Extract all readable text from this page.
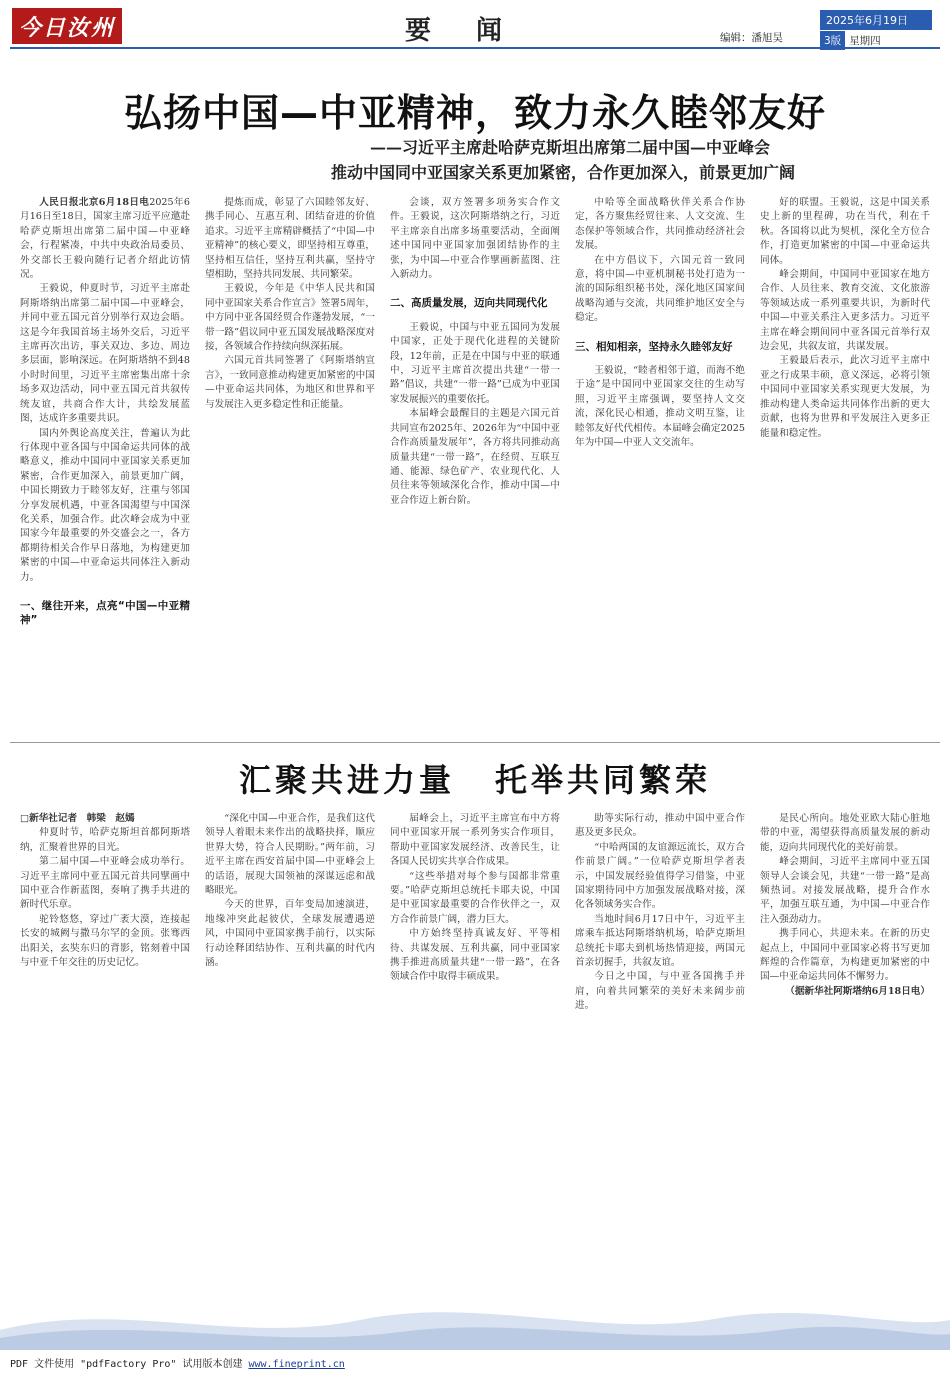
今日汝州	要 闻	2025年6月19日
3版 星期四
编辑：潘旭昊
弘扬中国—中亚精神，致力永久睦邻友好
——习近平主席赴哈萨克斯坦出席第二届中国—中亚峰会
推动中国同中亚国家关系更加紧密，合作更加深入，前景更加广阔

人民日报北京6月18日电2025年6月16日至18日，国家主席习近平应邀赴哈萨克斯坦出席第二届中国—中亚峰会，行程紧凑，中共中央政治局委员、外交部长王毅向随行记者介绍此访情况。

王毅说，仲夏时节，习近平主席赴阿斯塔纳出席第二届中国—中亚峰会，并同中亚五国元首分别举行双边会晤。这是今年我国首场主场外交后，习近平主席再次出访，事关双边、多边、周边多层面，影响深远。在阿斯塔纳不到48小时时间里，习近平主席密集出席十余场多双边活动，同中亚五国元首共叙传统友谊，共商合作大计，共绘发展蓝图，达成许多重要共识。

国内外舆论高度关注，普遍认为此行体现中亚各国与中国命运共同体的战略意义，推动中国同中亚国家关系更加紧密，合作更加深入，前景更加广阔，中国长期致力于睦邻友好，注重与邻国分享发展机遇，中亚各国渴望与中国深化关系，加强合作。此次峰会成为中亚国家今年最重要的外交盛会之一，各方都期待相关合作早日落地，为构建更加紧密的中国—中亚命运共同体注入新动力。

一、继往开来，点亮“中国—中亚精神”

提炼而成，彰显了六国睦邻友好、携手同心、互惠互利、团结奋进的价值追求。习近平主席精辟概括了“中国—中亚精神”的核心要义，即坚持相互尊重，坚持相互信任，坚持互利共赢，坚持守望相助，坚持共同发展、共同繁荣。

王毅说，今年是《中华人民共和国同中亚国家关系合作宣言》签署5周年，中方同中亚各国经贸合作蓬勃发展，“一带一路”倡议同中亚五国发展战略深度对接，各领域合作持续向纵深拓展。

六国元首共同签署了《阿斯塔纳宣言》，一致同意推动构建更加紧密的中国—中亚命运共同体，为地区和世界和平与发展注入更多稳定性和正能量。

会谈，双方签署多项务实合作文件。王毅说，这次阿斯塔纳之行，习近平主席亲自出席多场重要活动，全面阐述中国同中亚国家加强团结协作的主张，为中国—中亚合作擘画新蓝图、注入新动力。

二、高质量发展，迈向共同现代化

王毅说，中国与中亚五国同为发展中国家，正处于现代化进程的关键阶段，12年前，正是在中国与中亚的联通中，习近平主席首次提出共建“一带一路”倡议，共建“一带一路”已成为中亚国家发展振兴的重要依托。

本届峰会最醒目的主题是六国元首共同宣布2025年、2026年为“中国中亚合作高质量发展年”，各方将共同推动高质量共建“一带一路”，在经贸、互联互通、能源、绿色矿产、农业现代化、人员往来等领域深化合作，推动中国—中亚合作迈上新台阶。

中哈等全面战略伙伴关系合作协定，各方聚焦经贸往来、人文交流、生态保护等领域合作，共同推动经济社会发展。

在中方倡议下，六国元首一致同意，将中国—中亚机制秘书处打造为一流的国际组织秘书处，深化地区国家间战略沟通与交流，共同维护地区安全与稳定。

三、相知相亲，坚持永久睦邻友好

王毅说，“睦者相邻于道，而海不绝于途”是中国同中亚国家交往的生动写照，习近平主席强调，要坚持人文交流，深化民心相通，推动文明互鉴，让睦邻友好代代相传。本届峰会确定2025年为中国—中亚人文交流年。

好的联盟。王毅说，这是中国关系史上新的里程碑，功在当代，利在千秋。各国将以此为契机，深化全方位合作，打造更加紧密的中国—中亚命运共同体。

峰会期间，中国同中亚国家在地方合作、人员往来、教育交流、文化旅游等领域达成一系列重要共识，为新时代中国—中亚关系注入更多活力。习近平主席在峰会期间同中亚各国元首举行双边会见，共叙友谊，共谋发展。

王毅最后表示，此次习近平主席中亚之行成果丰硕，意义深远，必将引领中国同中亚国家关系实现更大发展，为推动构建人类命运共同体作出新的更大贡献，也将为世界和平发展注入更多正能量和稳定性。

汇聚共进力量 托举共同繁荣

□新华社记者　韩梁　赵嫣

仲夏时节，哈萨克斯坦首都阿斯塔纳，汇聚着世界的目光。

第二届中国—中亚峰会成功举行。习近平主席同中亚五国元首共同擘画中国中亚合作新蓝图，奏响了携手共进的新时代乐章。

驼铃悠悠，穿过广袤大漠，连接起长安的城阙与撒马尔罕的金顶。张骞西出阳关，玄奘东归的背影，铭刻着中国与中亚千年交往的历史记忆。

“深化中国—中亚合作，是我们这代领导人着眼未来作出的战略抉择，顺应世界大势，符合人民期盼。”两年前，习近平主席在西安首届中国—中亚峰会上的话语，展现大国领袖的深谋远虑和战略眼光。

今天的世界，百年变局加速演进，地缘冲突此起彼伏，全球发展遭遇逆风，中国同中亚国家携手前行，以实际行动诠释团结协作、互利共赢的时代内涵。

届峰会上，习近平主席宣布中方将同中亚国家开展一系列务实合作项目，帮助中亚国家发展经济、改善民生，让各国人民切实共享合作成果。

“这些举措对每个参与国都非常重要。”哈萨克斯坦总统托卡耶夫说，中国是中亚国家最重要的合作伙伴之一，双方合作前景广阔，潜力巨大。

中方始终坚持真诚友好、平等相待、共谋发展、互利共赢，同中亚国家携手推进高质量共建“一带一路”，在各领域合作中取得丰硕成果。

助等实际行动，推动中国中亚合作惠及更多民众。

“中哈两国的友谊源远流长，双方合作前景广阔。”一位哈萨克斯坦学者表示，中国发展经验值得学习借鉴，中亚国家期待同中方加强发展战略对接，深化各领域务实合作。

当地时间6月17日中午，习近平主席乘车抵达阿斯塔纳机场，哈萨克斯坦总统托卡耶夫到机场热情迎接，两国元首亲切握手，共叙友谊。

今日之中国，与中亚各国携手并肩，向着共同繁荣的美好未来阔步前进。

是民心所向。地处亚欧大陆心脏地带的中亚，渴望获得高质量发展的新动能，迈向共同现代化的美好前景。

峰会期间，习近平主席同中亚五国领导人会谈会见，共建“一带一路”是高频热词。对接发展战略，提升合作水平，加强互联互通，为中国—中亚合作注入强劲动力。

携手同心，共迎未来。在新的历史起点上，中国同中亚国家必将书写更加辉煌的合作篇章，为构建更加紧密的中国—中亚命运共同体不懈努力。

（据新华社阿斯塔纳6月18日电）

PDF 文件使用 "pdfFactory Pro" 试用版本创建 www.fineprint.cn
